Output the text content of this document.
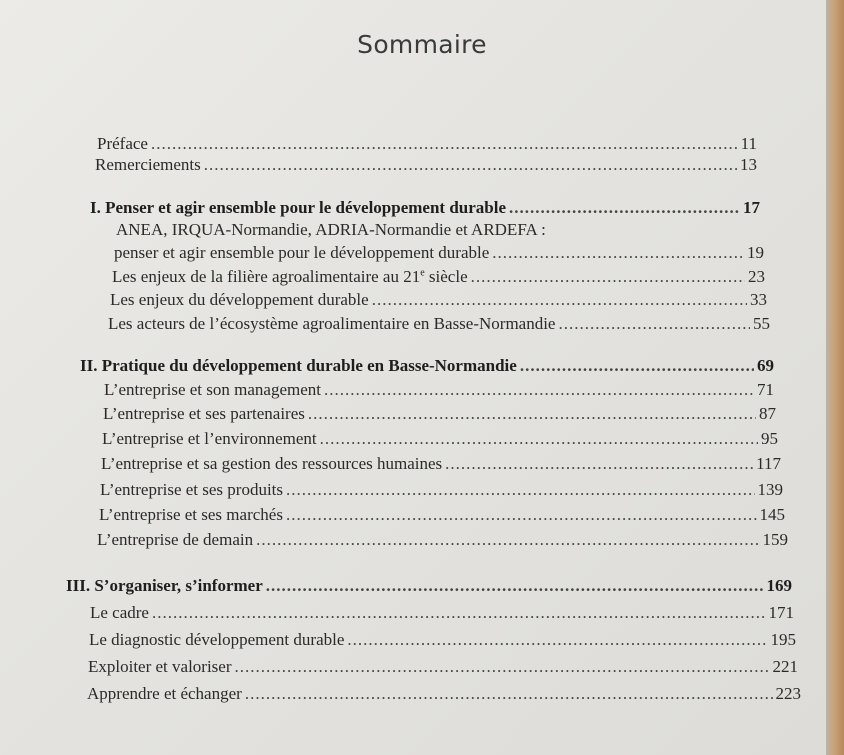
Sommaire
Préface .....	11
Remerciements .....	13
I. Penser et agir ensemble pour le développement durable .....	17
ANEA, IRQUA-Normandie, ADRIA-Normandie et ARDEFA :
penser et agir ensemble pour le développement durable .....	19
Les enjeux de la filière agroalimentaire au 21e siècle .....	23
Les enjeux du développement durable .....	33
Les acteurs de l’écosystème agroalimentaire en Basse-Normandie .....	55
II. Pratique du développement durable en Basse-Normandie .....	69
L’entreprise et son management .....	71
L’entreprise et ses partenaires .....	87
L’entreprise et l’environnement .....	95
L’entreprise et sa gestion des ressources humaines .....	117
L’entreprise et ses produits .....	139
L’entreprise et ses marchés .....	145
L’entreprise de demain .....	159
III. S’organiser, s’informer .....	169
Le cadre .....	171
Le diagnostic développement durable .....	195
Exploiter et valoriser .....	221
Apprendre et échanger .....	223
